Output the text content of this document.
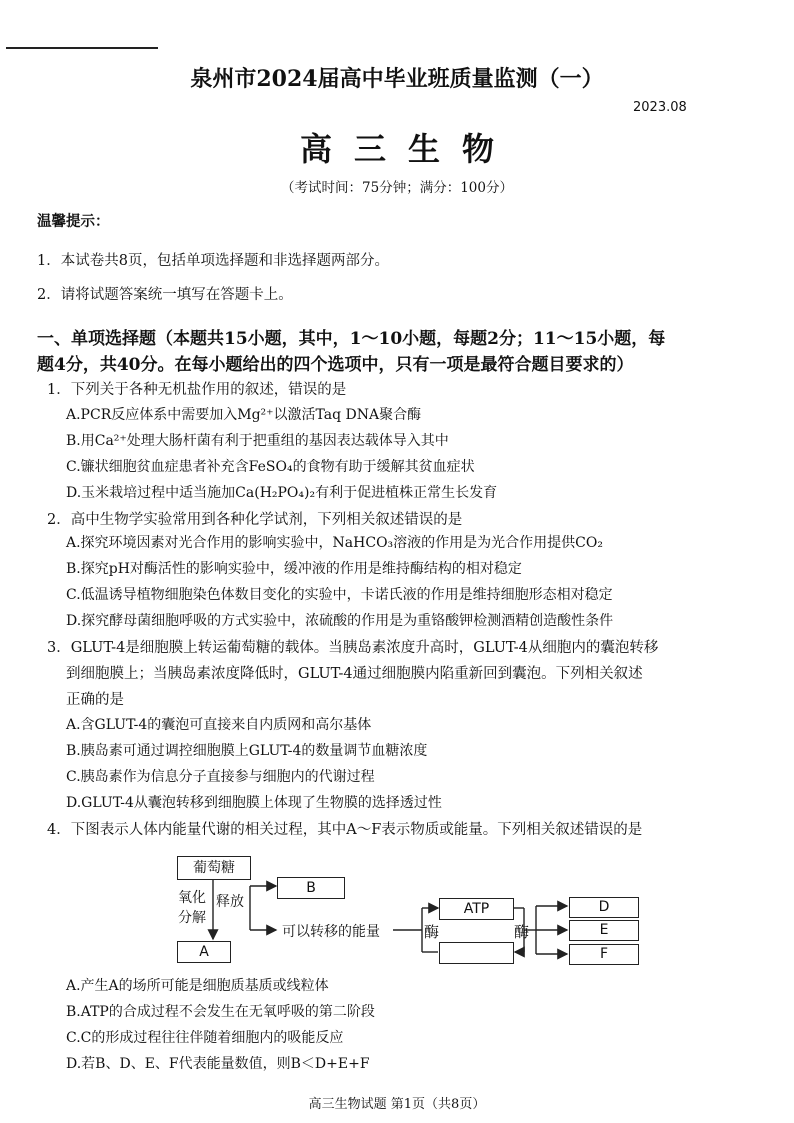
泉州市2024届高中毕业班质量监测（一）
2023.08
高三生物
（考试时间：75分钟；满分：100分）
温馨提示：
1．本试卷共8页，包括单项选择题和非选择题两部分。
2．请将试题答案统一填写在答题卡上。
一、单项选择题（本题共15小题，其中，1～10小题，每题2分；11～15小题，每
题4分，共40分。在每小题给出的四个选项中，只有一项是最符合题目要求的）
1．下列关于各种无机盐作用的叙述，错误的是
A.PCR反应体系中需要加入Mg²⁺以激活Taq DNA聚合酶
B.用Ca²⁺处理大肠杆菌有利于把重组的基因表达载体导入其中
C.镰状细胞贫血症患者补充含FeSO₄的食物有助于缓解其贫血症状
D.玉米栽培过程中适当施加Ca(H₂PO₄)₂有利于促进植株正常生长发育
2．高中生物学实验常用到各种化学试剂，下列相关叙述错误的是
A.探究环境因素对光合作用的影响实验中，NaHCO₃溶液的作用是为光合作用提供CO₂
B.探究pH对酶活性的影响实验中，缓冲液的作用是维持酶结构的相对稳定
C.低温诱导植物细胞染色体数目变化的实验中，卡诺氏液的作用是维持细胞形态相对稳定
D.探究酵母菌细胞呼吸的方式实验中，浓硫酸的作用是为重铬酸钾检测酒精创造酸性条件
3．GLUT-4是细胞膜上转运葡萄糖的载体。当胰岛素浓度升高时，GLUT-4从细胞内的囊泡转移
到细胞膜上；当胰岛素浓度降低时，GLUT-4通过细胞膜内陷重新回到囊泡。下列相关叙述
正确的是
A.含GLUT-4的囊泡可直接来自内质网和高尔基体
B.胰岛素可通过调控细胞膜上GLUT-4的数量调节血糖浓度
C.胰岛素作为信息分子直接参与细胞内的代谢过程
D.GLUT-4从囊泡转移到细胞膜上体现了生物膜的选择透过性
4．下图表示人体内能量代谢的相关过程，其中A～F表示物质或能量。下列相关叙述错误的是
葡萄糖
氧化
分解
释放
B
A
可以转移的能量
ATP
C
酶	酶
D
E
F
A.产生A的场所可能是细胞质基质或线粒体
B.ATP的合成过程不会发生在无氧呼吸的第二阶段
C.C的形成过程往往伴随着细胞内的吸能反应
D.若B、D、E、F代表能量数值，则B＜D+E+F
高三生物试题 第1页（共8页）
